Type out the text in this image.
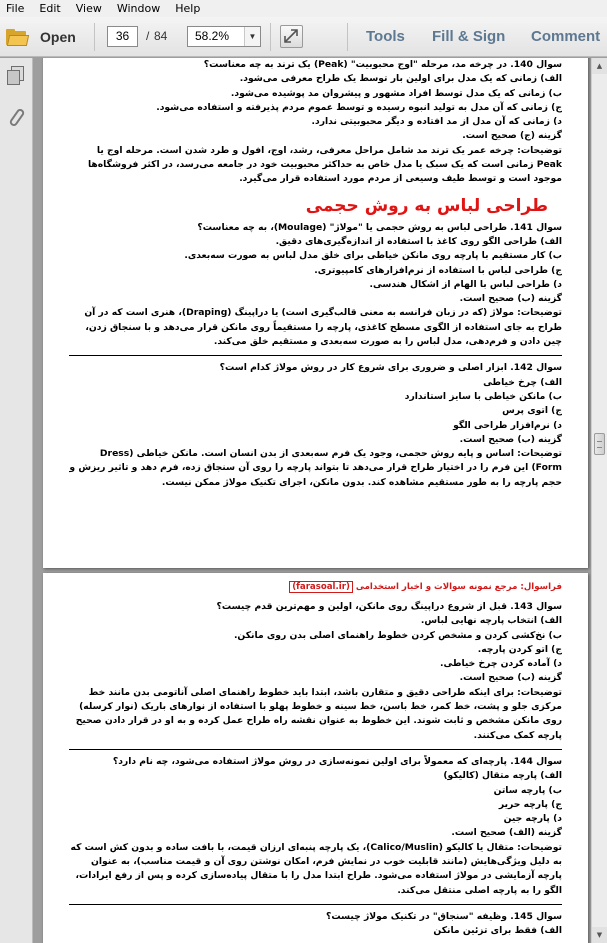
File	Edit	View	Window	Help
Open	36	/ 84	58.2%	▼	Tools Fill & Sign Comment
سوال 140. در چرخه مد، مرحله "اوج محبوبیت" (Peak) یک ترند به چه معناست؟
الف) زمانی که یک مدل برای اولین بار توسط یک طراح معرفی می‌شود.
ب) زمانی که یک مدل توسط افراد مشهور و پیشروان مد پوشیده می‌شود.
ج) زمانی که آن مدل به تولید انبوه رسیده و توسط عموم مردم پذیرفته و استفاده می‌شود.
د) زمانی که آن مدل از مد افتاده و دیگر محبوبیتی ندارد.
گزینه (ج) صحیح است.
توضیحات: چرخه عمر یک ترند مد شامل مراحل معرفی، رشد، اوج، افول و طرد شدن است. مرحله اوج یا Peak زمانی است که یک سبک یا مدل خاص به حداکثر محبوبیت خود در جامعه می‌رسد، در اکثر فروشگاه‌ها موجود است و توسط طیف وسیعی از مردم مورد استفاده قرار می‌گیرد.
طراحی لباس به روش حجمی
سوال 141. طراحی لباس به روش حجمی یا "مولاژ" (Moulage)، به چه معناست؟
الف) طراحی الگو روی کاغذ با استفاده از اندازه‌گیری‌های دقیق.
ب) کار مستقیم با پارچه روی مانکن خیاطی برای خلق مدل لباس به صورت سه‌بعدی.
ج) طراحی لباس با استفاده از نرم‌افزارهای کامپیوتری.
د) طراحی لباس با الهام از اشکال هندسی.
گزینه (ب) صحیح است.
توضیحات: مولاژ (که در زبان فرانسه به معنی قالب‌گیری است) یا دراپینگ (Draping)، هنری است که در آن طراح به جای استفاده از الگوی مسطح کاغذی، پارچه را مستقیماً روی مانکن قرار می‌دهد و با سنجاق زدن، چین دادن و فرم‌دهی، مدل لباس را به صورت سه‌بعدی و مستقیم خلق می‌کند.
سوال 142. ابزار اصلی و ضروری برای شروع کار در روش مولاژ کدام است؟
الف) چرخ خیاطی
ب) مانکن خیاطی با سایز استاندارد
ج) اتوی پرس
د) نرم‌افزار طراحی الگو
گزینه (ب) صحیح است.
توضیحات: اساس و پایه روش حجمی، وجود یک فرم سه‌بعدی از بدن انسان است. مانکن خیاطی (Dress Form) این فرم را در اختیار طراح قرار می‌دهد تا بتواند پارچه را روی آن سنجاق زده، فرم دهد و تاثیر ریزش و حجم پارچه را به طور مستقیم مشاهده کند. بدون مانکن، اجرای تکنیک مولاژ ممکن نیست.
فراسوال: مرجع نمونه سوالات و اخبار استخدامی (farasoal.ir)
سوال 143. قبل از شروع دراپینگ روی مانکن، اولین و مهم‌ترین قدم چیست؟
الف) انتخاب پارچه نهایی لباس.
ب) نخ‌کشی کردن و مشخص کردن خطوط راهنمای اصلی بدن روی مانکن.
ج) اتو کردن پارچه.
د) آماده کردن چرخ خیاطی.
گزینه (ب) صحیح است.
توضیحات: برای اینکه طراحی دقیق و متقارن باشد، ابتدا باید خطوط راهنمای اصلی آناتومی بدن مانند خط مرکزی جلو و پشت، خط کمر، خط باسن، خط سینه و خطوط پهلو با استفاده از نوارهای باریک (نوار کرسله) روی مانکن مشخص و ثابت شوند. این خطوط به عنوان نقشه راه طراح عمل کرده و به او در قرار دادن صحیح پارچه کمک می‌کنند.
سوال 144. پارچه‌ای که معمولاً برای اولین نمونه‌سازی در روش مولاژ استفاده می‌شود، چه نام دارد؟
الف) پارچه متقال (کالیکو)
ب) پارچه ساتن
ج) پارچه حریر
د) پارچه جین
گزینه (الف) صحیح است.
توضیحات: متقال یا کالیکو (Calico/Muslin)، یک پارچه پنبه‌ای ارزان قیمت، با بافت ساده و بدون کش است که به دلیل ویژگی‌هایش (مانند قابلیت خوب در نمایش فرم، امکان نوشتن روی آن و قیمت مناسب)، به عنوان پارچه آزمایشی در مولاژ استفاده می‌شود. طراح ابتدا مدل را با متقال پیاده‌سازی کرده و پس از رفع ایرادات، الگو را به پارچه اصلی منتقل می‌کند.
سوال 145. وظیفه "سنجاق" در تکنیک مولاژ چیست؟
الف) فقط برای تزئین مانکن
▲
▼
